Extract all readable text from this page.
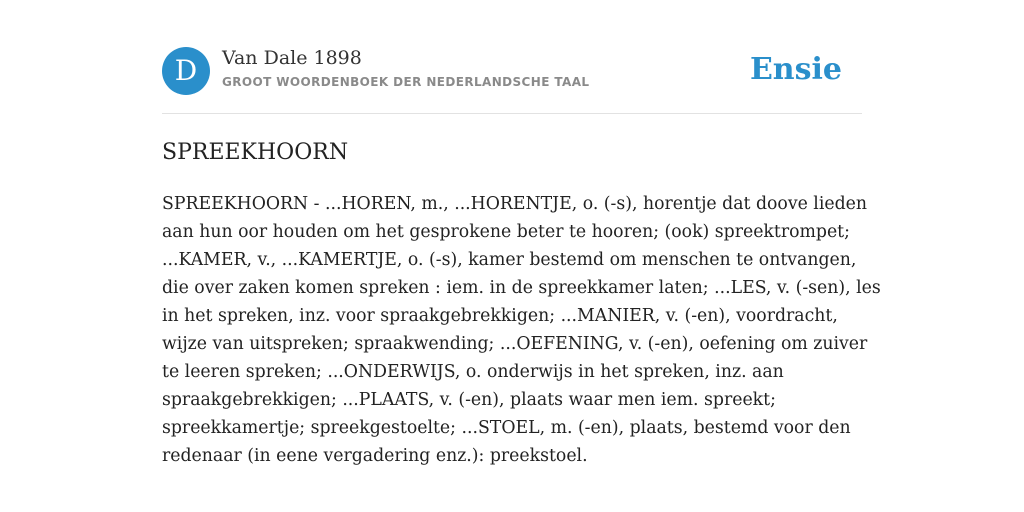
D	Van Dale 1898
GROOT WOORDENBOEK DER NEDERLANDSCHE TAAL	Ensie
SPREEKHOORN
SPREEKHOORN - ...HOREN, m., ...HORENTJE, o. (-s), horentje dat doove lieden
aan hun oor houden om het gesprokene beter te hooren; (ook) spreektrompet;
...KAMER, v., ...KAMERTJE, o. (-s), kamer bestemd om menschen te ontvangen,
die over zaken komen spreken : iem. in de spreekkamer laten; ...LES, v. (-sen), les
in het spreken, inz. voor spraakgebrekkigen; ...MANIER, v. (-en), voordracht,
wijze van uitspreken; spraakwending; ...OEFENING, v. (-en), oefening om zuiver
te leeren spreken; ...ONDERWIJS, o. onderwijs in het spreken, inz. aan
spraakgebrekkigen; ...PLAATS, v. (-en), plaats waar men iem. spreekt;
spreekkamertje; spreekgestoelte; ...STOEL, m. (-en), plaats, bestemd voor den
redenaar (in eene vergadering enz.): preekstoel.
